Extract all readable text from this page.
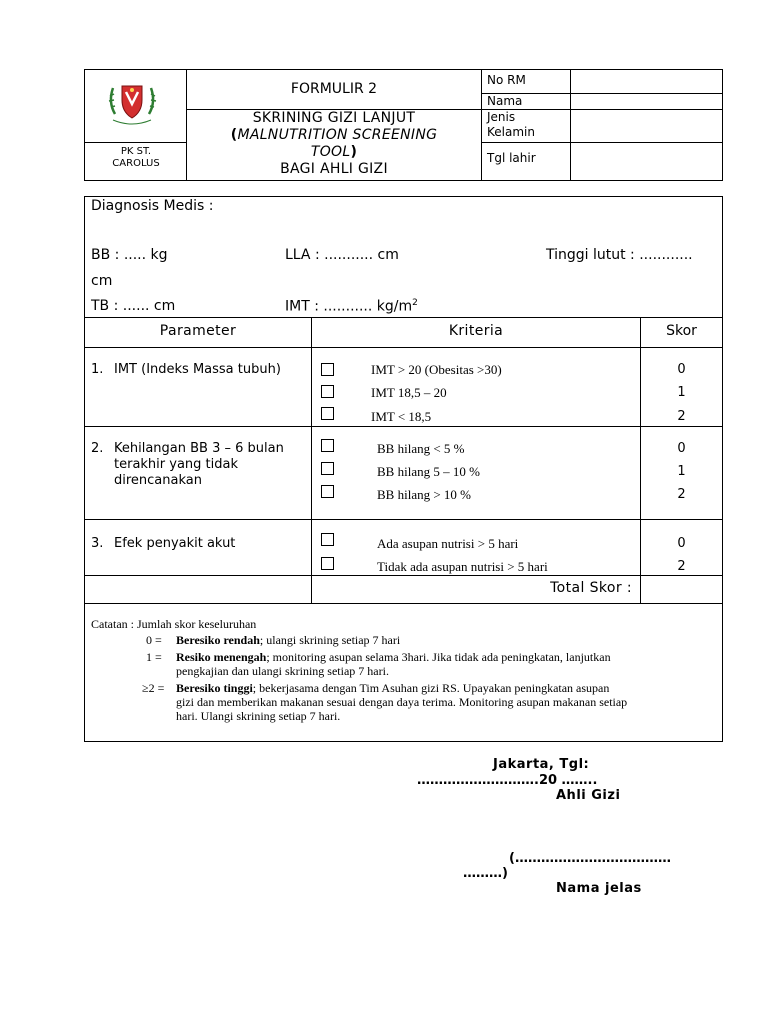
PK ST.
CAROLUS
FORMULIR 2
SKRINING GIZI LANJUT
(MALNUTRITION SCREENING
TOOL)
BAGI AHLI GIZI
No RM
Nama
Jenis
Kelamin
Tgl lahir
Diagnosis Medis :
BB : ..... kg	LLA : ........... cm	Tinggi lutut : ............
cm
TB : ...... cm	IMT : ........... $kg/m^2$
Parameter	Kriteria	Skor
1. IMT (Indeks Massa tubuh)	IMT > 20 (Obesitas >30)	0
IMT 18,5 – 20	1
IMT < 18,5	2
2. Kehilangan BB 3 – 6 bulan
terakhir yang tidak
direncanakan
BB hilang < 5 %	0
BB hilang 5 – 10 %	1
BB hilang > 10 %	2
3. Efek penyakit akut	Ada asupan nutrisi > 5 hari	0
Tidak ada asupan nutrisi > 5 hari	2
Total Skor :
Catatan : Jumlah skor keseluruhan
0 = Beresiko rendah; ulangi skrining setiap 7 hari
1 = Resiko menengah; monitoring asupan selama 3hari. Jika tidak ada peningkatan, lanjutkan
pengkajian dan ulangi skrining setiap 7 hari.
≥2 = Beresiko tinggi; bekerjasama dengan Tim Asuhan gizi RS. Upayakan peningkatan asupan
gizi dan memberikan makanan sesuai dengan daya terima. Monitoring asupan makanan setiap
hari. Ulangi skrining setiap 7 hari.
Jakarta, Tgl:
……………………….20 ……..
Ahli Gizi
(………………………………
………)
Nama jelas
